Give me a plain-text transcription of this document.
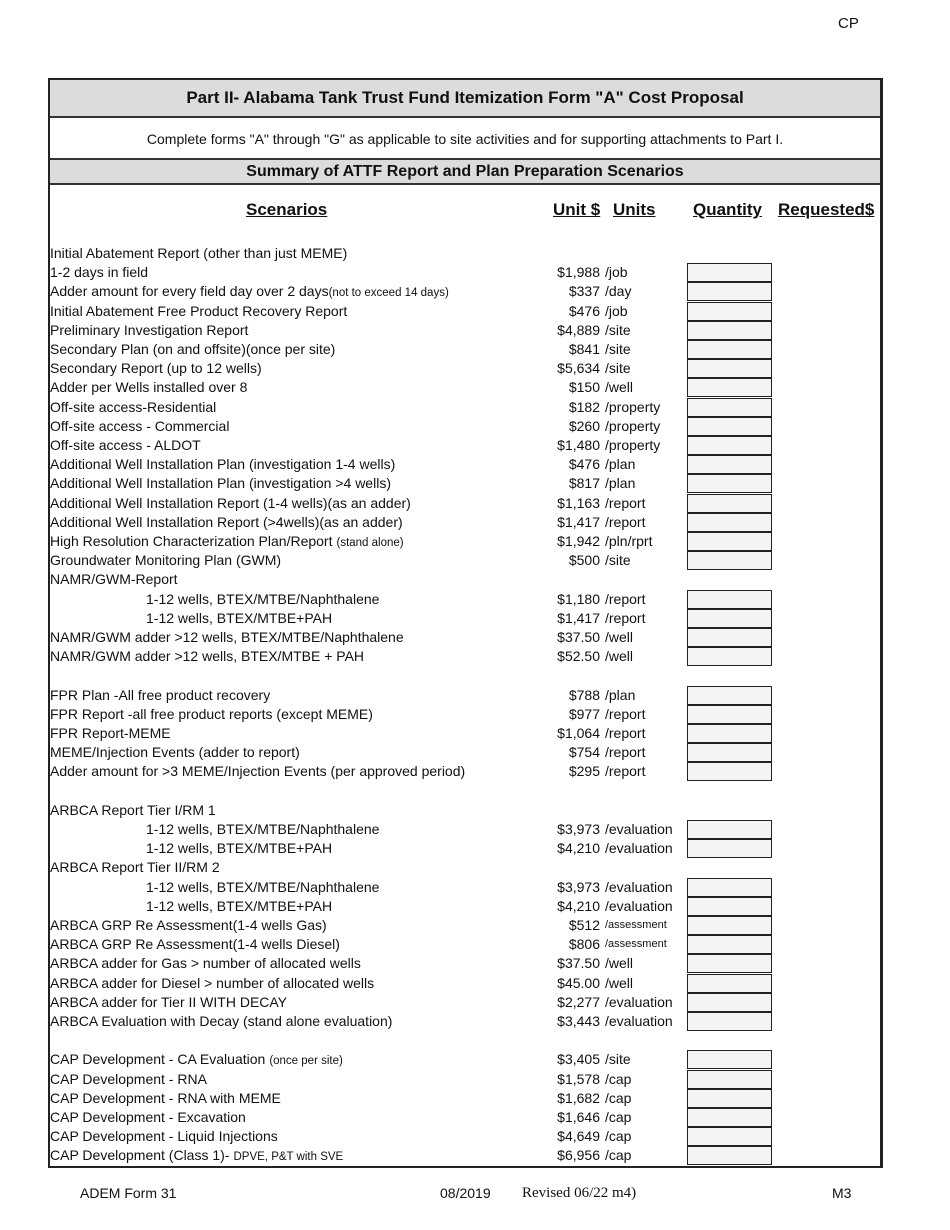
CP
Part II- Alabama Tank Trust Fund Itemization Form "A" Cost Proposal
Complete forms "A" through "G" as applicable to site activities and for supporting attachments to Part I.
Summary of ATTF Report and Plan Preparation Scenarios
Scenarios	Unit $ Units Quantity Requested$
Initial Abatement Report (other than just MEME)
1-2 days in field	$1,988 /job
Adder amount for every field day over 2 days(not to exceed 14 days)	$337 /day
Initial Abatement Free Product Recovery Report	$476 /job
Preliminary Investigation Report	$4,889 /site
Secondary Plan (on and offsite)(once per site)	$841 /site
Secondary Report (up to 12 wells)	$5,634 /site
Adder per Wells installed over 8	$150 /well
Off-site access-Residential	$182 /property
Off-site access - Commercial	$260 /property
Off-site access - ALDOT	$1,480 /property
Additional Well Installation Plan (investigation 1-4 wells)	$476 /plan
Additional Well Installation Plan (investigation >4 wells)	$817 /plan
Additional Well Installation Report (1-4 wells)(as an adder)	$1,163 /report
Additional Well Installation Report (>4wells)(as an adder)	$1,417 /report
High Resolution Characterization Plan/Report (stand alone)	$1,942 /pln/rprt
Groundwater Monitoring Plan (GWM)	$500 /site
NAMR/GWM-Report
1-12 wells, BTEX/MTBE/Naphthalene	$1,180 /report
1-12 wells, BTEX/MTBE+PAH	$1,417 /report
NAMR/GWM adder >12 wells, BTEX/MTBE/Naphthalene	$37.50 /well
NAMR/GWM adder >12 wells, BTEX/MTBE + PAH	$52.50 /well
FPR Plan -All free product recovery	$788 /plan
FPR Report -all free product reports (except MEME)	$977 /report
FPR Report-MEME	$1,064 /report
MEME/Injection Events (adder to report)	$754 /report
Adder amount for >3 MEME/Injection Events (per approved period)	$295 /report
ARBCA Report Tier I/RM 1
1-12 wells, BTEX/MTBE/Naphthalene	$3,973 /evaluation
1-12 wells, BTEX/MTBE+PAH	$4,210 /evaluation
ARBCA Report Tier II/RM 2
1-12 wells, BTEX/MTBE/Naphthalene	$3,973 /evaluation
1-12 wells, BTEX/MTBE+PAH	$4,210 /evaluation
ARBCA GRP Re Assessment(1-4 wells Gas)	$512 /assessment
ARBCA GRP Re Assessment(1-4 wells Diesel)	$806 /assessment
ARBCA adder for Gas > number of allocated wells	$37.50 /well
ARBCA adder for Diesel > number of allocated wells	$45.00 /well
ARBCA adder for Tier II WITH DECAY	$2,277 /evaluation
ARBCA Evaluation with Decay (stand alone evaluation)	$3,443 /evaluation
CAP Development - CA Evaluation (once per site)	$3,405 /site
CAP Development - RNA	$1,578 /cap
CAP Development - RNA with MEME	$1,682 /cap
CAP Development - Excavation	$1,646 /cap
CAP Development - Liquid Injections	$4,649 /cap
CAP Development (Class 1)- DPVE, P&T with SVE	$6,956 /cap
ADEM Form 31	08/2019 Revised 06/22 m4)	M3
